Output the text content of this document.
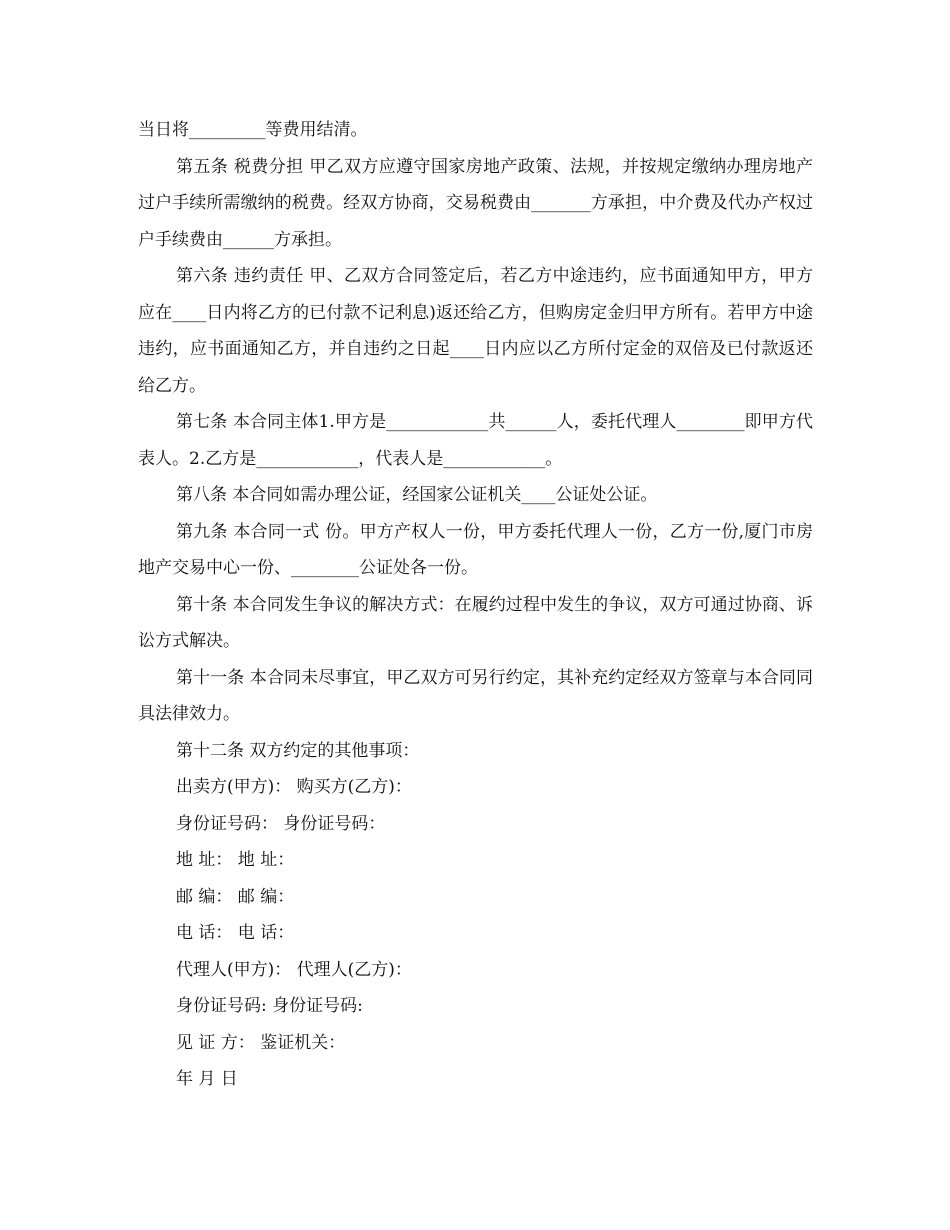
当日将_________等费用结清。

第五条 税费分担 甲乙双方应遵守国家房地产政策、法规，并按规定缴纳办理房地产过户手续所需缴纳的税费。经双方协商，交易税费由_______方承担，中介费及代办产权过户手续费由______方承担。

第六条 违约责任 甲、乙双方合同签定后，若乙方中途违约，应书面通知甲方，甲方应在____日内将乙方的已付款不记利息)返还给乙方，但购房定金归甲方所有。若甲方中途违约，应书面通知乙方，并自违约之日起____日内应以乙方所付定金的双倍及已付款返还给乙方。

第七条 本合同主体1.甲方是____________共______人，委托代理人________即甲方代表人。2.乙方是____________，代表人是____________。

第八条 本合同如需办理公证，经国家公证机关____公证处公证。

第九条 本合同一式 份。甲方产权人一份，甲方委托代理人一份，乙方一份,厦门市房地产交易中心一份、________公证处各一份。

第十条 本合同发生争议的解决方式：在履约过程中发生的争议，双方可通过协商、诉讼方式解决。

第十一条 本合同未尽事宜，甲乙双方可另行约定，其补充约定经双方签章与本合同同具法律效力。

第十二条 双方约定的其他事项：

出卖方(甲方)： 购买方(乙方)：

身份证号码： 身份证号码：

地 址： 地 址：

邮 编： 邮 编：

电 话： 电 话：

代理人(甲方)： 代理人(乙方)：

身份证号码: 身份证号码:

见 证 方： 鉴证机关：

年 月 日
